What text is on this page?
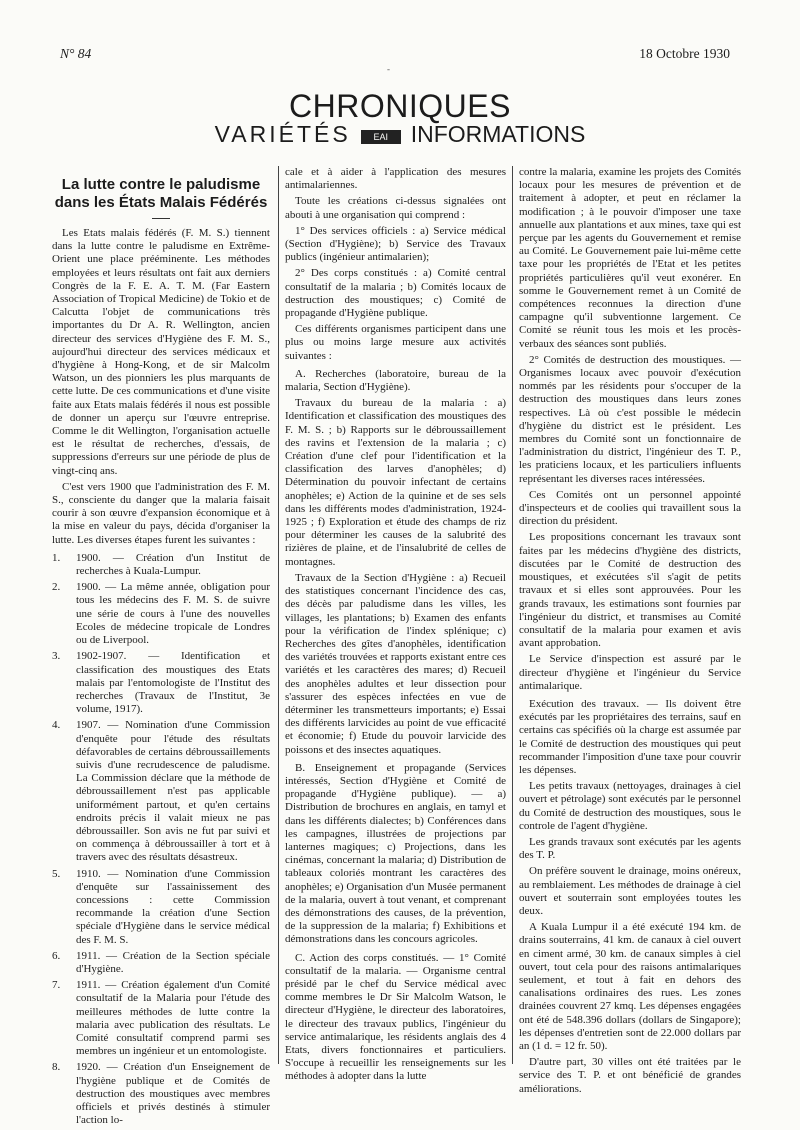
N° 84	18 Octobre 1930
-
CHRONIQUES
VARIÉTÉS	EAI INFORMATIONS
La lutte contre le paludisme
dans les États Malais Fédérés

Les Etats malais fédérés (F. M. S.) tiennent dans la lutte contre le paludisme en Extrême-Orient une place prééminente. Les méthodes employées et leurs résultats ont fait aux derniers Congrès de la F. E. A. T. M. (Far Eastern Association of Tropical Medicine) de Tokio et de Calcutta l'objet de communications très importantes du Dr A. R. Wellington, ancien directeur des services d'Hygiène des F. M. S., aujourd'hui directeur des services médicaux et d'hygiène à Hong-Kong, et de sir Malcolm Watson, un des pionniers les plus marquants de cette lutte. De ces communications et d'une visite faite aux Etats malais fédérés il nous est possible de donner un aperçu sur l'œuvre entreprise. Comme le dit Wellington, l'organisation actuelle est le résultat de recherches, d'essais, de suppressions d'erreurs sur une période de plus de vingt-cinq ans.

C'est vers 1900 que l'administration des F. M. S., consciente du danger que la malaria faisait courir à son œuvre d'expansion économique et à la mise en valeur du pays, décida d'organiser la lutte. Les diverses étapes furent les suivantes :

1. 1900. — Création d'un Institut de recherches à Kuala-Lumpur.
2. 1900. — La même année, obligation pour tous les médecins des F. M. S. de suivre une série de cours à l'une des nouvelles Ecoles de médecine tropicale de Londres ou de Liverpool.
3. 1902-1907. — Identification et classification des moustiques des Etats malais par l'entomologiste de l'Institut des recherches (Travaux de l'Institut, 3e volume, 1917).
4. 1907. — Nomination d'une Commission d'enquête pour l'étude des résultats défavorables de certains débroussaillements suivis d'une recrudescence de paludisme. La Commission déclare que la méthode de débroussaillement n'est pas applicable uniformément partout, et qu'en certains endroits précis il valait mieux ne pas débroussailler. Son avis ne fut par suivi et on commença à débroussailler à tort et à travers avec des résultats désastreux.
5. 1910. — Nomination d'une Commission d'enquête sur l'assainissement des concessions : cette Commission recommande la création d'une Section spéciale d'Hygiène dans le service médical des F. M. S.
6. 1911. — Création de la Section spéciale d'Hygiène.
7. 1911. — Création également d'un Comité consultatif de la Malaria pour l'étude des meilleures méthodes de lutte contre la malaria avec publication des résultats. Le Comité consultatif comprend parmi ses membres un ingénieur et un entomologiste.
8. 1920. — Création d'un Enseignement de l'hygiène publique et de Comités de destruction des moustiques avec membres officiels et privés destinés à stimuler l'action lo-

cale et à aider à l'application des mesures antimalariennes.

Toute les créations ci-dessus signalées ont abouti à une organisation qui comprend :

1° Des services officiels : a) Service médical (Section d'Hygiène); b) Service des Travaux publics (ingénieur antimalarien);

2° Des corps constitués : a) Comité central consultatif de la malaria ; b) Comités locaux de destruction des moustiques; c) Comité de propagande d'Hygiène publique.

Ces différents organismes participent dans une plus ou moins large mesure aux activités suivantes :

A. Recherches (laboratoire, bureau de la malaria, Section d'Hygiène).

Travaux du bureau de la malaria : a) Identification et classification des moustiques des F. M. S. ; b) Rapports sur le débroussaillement des ravins et l'extension de la malaria ; c) Création d'une clef pour l'identification et la classification des larves d'anophèles; d) Détermination du pouvoir infectant de certains anophèles; e) Action de la quinine et de ses sels dans les différents modes d'administration, 1924-1925 ; f) Exploration et étude des champs de riz pour déterminer les causes de la salubrité des rizières de plaine, et de l'insalubrité de celles de montagnes.

Travaux de la Section d'Hygiène : a) Recueil des statistiques concernant l'incidence des cas, des décès par paludisme dans les villes, les villages, les plantations; b) Examen des enfants pour la vérification de l'index splénique; c) Recherches des gîtes d'anophèles, identification des variétés trouvées et rapports existant entre ces variétés et les caractères des mares; d) Recueil des anophèles adultes et leur dissection pour s'assurer des espèces infectées en vue de déterminer les transmetteurs importants; e) Essai des différents larvicides au point de vue efficacité et économie; f) Etude du pouvoir larvicide des poissons et des insectes aquatiques.

B. Enseignement et propagande (Services intéressés, Section d'Hygiène et Comité de propagande d'Hygiène publique). — a) Distribution de brochures en anglais, en tamyl et dans les différents dialectes; b) Conférences dans les campagnes, illustrées de projections par lanternes magiques; c) Projections, dans les cinémas, concernant la malaria; d) Distribution de tableaux coloriés montrant les caractères des anophèles; e) Organisation d'un Musée permanent de la malaria, ouvert à tout venant, et comprenant des démonstrations des causes, de la prévention, de la suppression de la malaria; f) Exhibitions et démonstrations dans les concours agricoles.

C. Action des corps constitués. — 1° Comité consultatif de la malaria. — Organisme central présidé par le chef du Service médical avec comme membres le Dr Sir Malcolm Watson, le directeur d'Hygiène, le directeur des laboratoires, le directeur des travaux publics, l'ingénieur du service antimalarique, les résidents anglais des 4 Etats, divers fonctionnaires et particuliers. S'occupe à recueillir les renseignements sur les méthodes à adopter dans la lutte

contre la malaria, examine les projets des Comités locaux pour les mesures de prévention et de traitement à adopter, et peut en réclamer la modification ; à le pouvoir d'imposer une taxe annuelle aux plantations et aux mines, taxe qui est perçue par les agents du Gouvernement et remise au Comité. Le Gouvernement paie lui-même cette taxe pour les propriétés de l'Etat et les petites propriétés particulières qu'il veut exonérer. En somme le Gouvernement remet à un Comité de compétences reconnues la direction d'une campagne qu'il subventionne largement. Ce Comité se réunit tous les mois et les procès-verbaux des séances sont publiés.

2° Comités de destruction des moustiques. — Organismes locaux avec pouvoir d'exécution nommés par les résidents pour s'occuper de la destruction des moustiques dans leurs zones respectives. Là où c'est possible le médecin d'hygiène du district est le président. Les membres du Comité sont un fonctionnaire de l'administration du district, l'ingénieur des T. P., les praticiens locaux, et les particuliers influents représentant les diverses races intéressées.

Ces Comités ont un personnel appointé d'inspecteurs et de coolies qui travaillent sous la direction du président.

Les propositions concernant les travaux sont faites par les médecins d'hygiène des districts, discutées par le Comité de destruction des moustiques, et exécutées s'il s'agit de petits travaux et si elles sont approuvées. Pour les grands travaux, les estimations sont fournies par l'ingénieur du district, et transmises au Comité consultatif de la malaria pour examen et avis avant approbation.

Le Service d'inspection est assuré par le directeur d'hygiène et l'ingénieur du Service antimalarique.

Exécution des travaux. — Ils doivent être exécutés par les propriétaires des terrains, sauf en certains cas spécifiés où la charge est assumée par le Comité de destruction des moustiques qui peut recommander l'imposition d'une taxe pour couvrir les dépenses.

Les petits travaux (nettoyages, drainages à ciel ouvert et pétrolage) sont exécutés par le personnel du Comité de destruction des moustiques, sous le controle de l'agent d'hygiène.

Les grands travaux sont exécutés par les agents des T. P.

On préfère souvent le drainage, moins onéreux, au remblaiement. Les méthodes de drainage à ciel ouvert et souterrain sont employées toutes les deux.

A Kuala Lumpur il a été exécuté 194 km. de drains souterrains, 41 km. de canaux à ciel ouvert en ciment armé, 30 km. de canaux simples à ciel ouvert, tout cela pour des raisons antimalariques seulement, et tout à fait en dehors des canalisations ordinaires des rues. Les zones drainées couvrent 27 kmq. Les dépenses engagées ont été de 548.396 dollars (dollars de Singapore); les dépenses d'entretien sont de 22.000 dollars par an (1 d. = 12 fr. 50).

D'autre part, 30 villes ont été traitées par le service des T. P. et ont bénéficié de grandes améliorations.
